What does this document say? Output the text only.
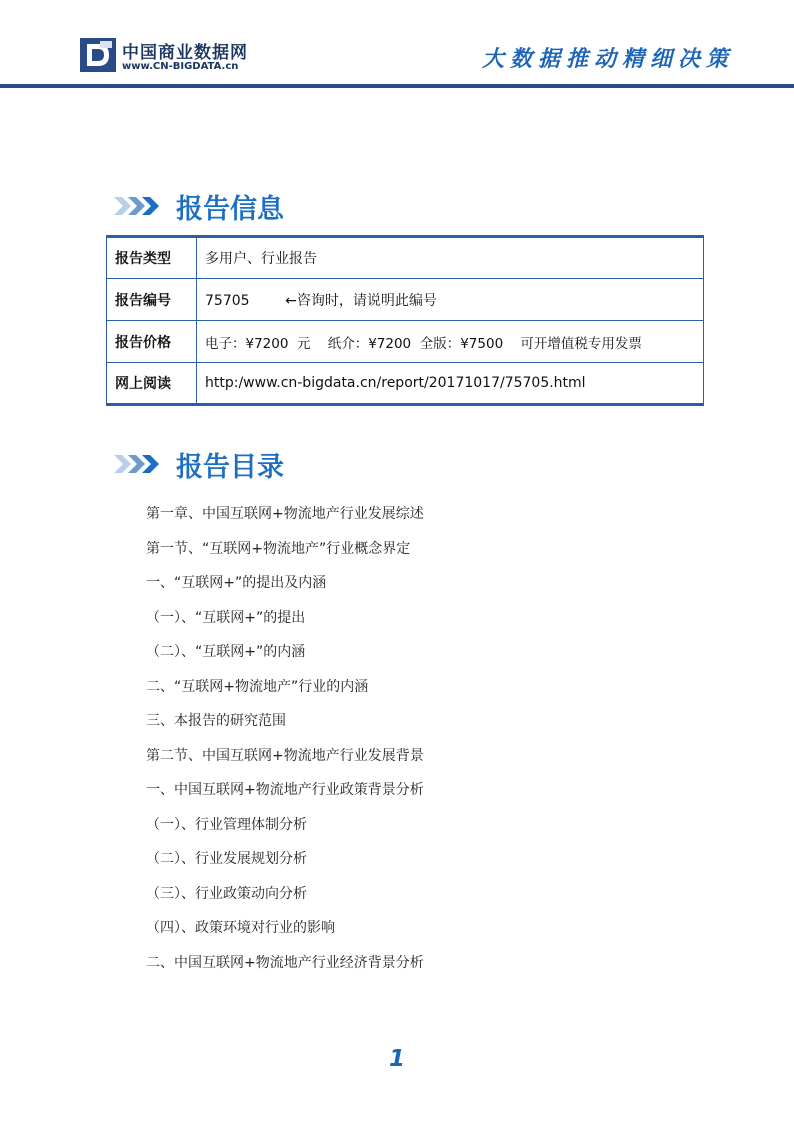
中国商业数据网
www.CN-BIGDATA.cn	大数据推动精细决策
报告信息
报告类型	多用户、行业报告
报告编号	75705        ←咨询时，请说明此编号
报告价格	电子：¥7200  元    纸介：¥7200  全版：¥7500    可开增值税专用发票
网上阅读	http:/www.cn-bigdata.cn/report/20171017/75705.html
报告目录
第一章、中国互联网+物流地产行业发展综述
第一节、“互联网+物流地产”行业概念界定
一、“互联网+”的提出及内涵
（一）、“互联网+”的提出
（二）、“互联网+”的内涵
二、“互联网+物流地产”行业的内涵
三、本报告的研究范围
第二节、中国互联网+物流地产行业发展背景
一、中国互联网+物流地产行业政策背景分析
（一）、行业管理体制分析
（二）、行业发展规划分析
（三）、行业政策动向分析
（四）、政策环境对行业的影响
二、中国互联网+物流地产行业经济背景分析
1
